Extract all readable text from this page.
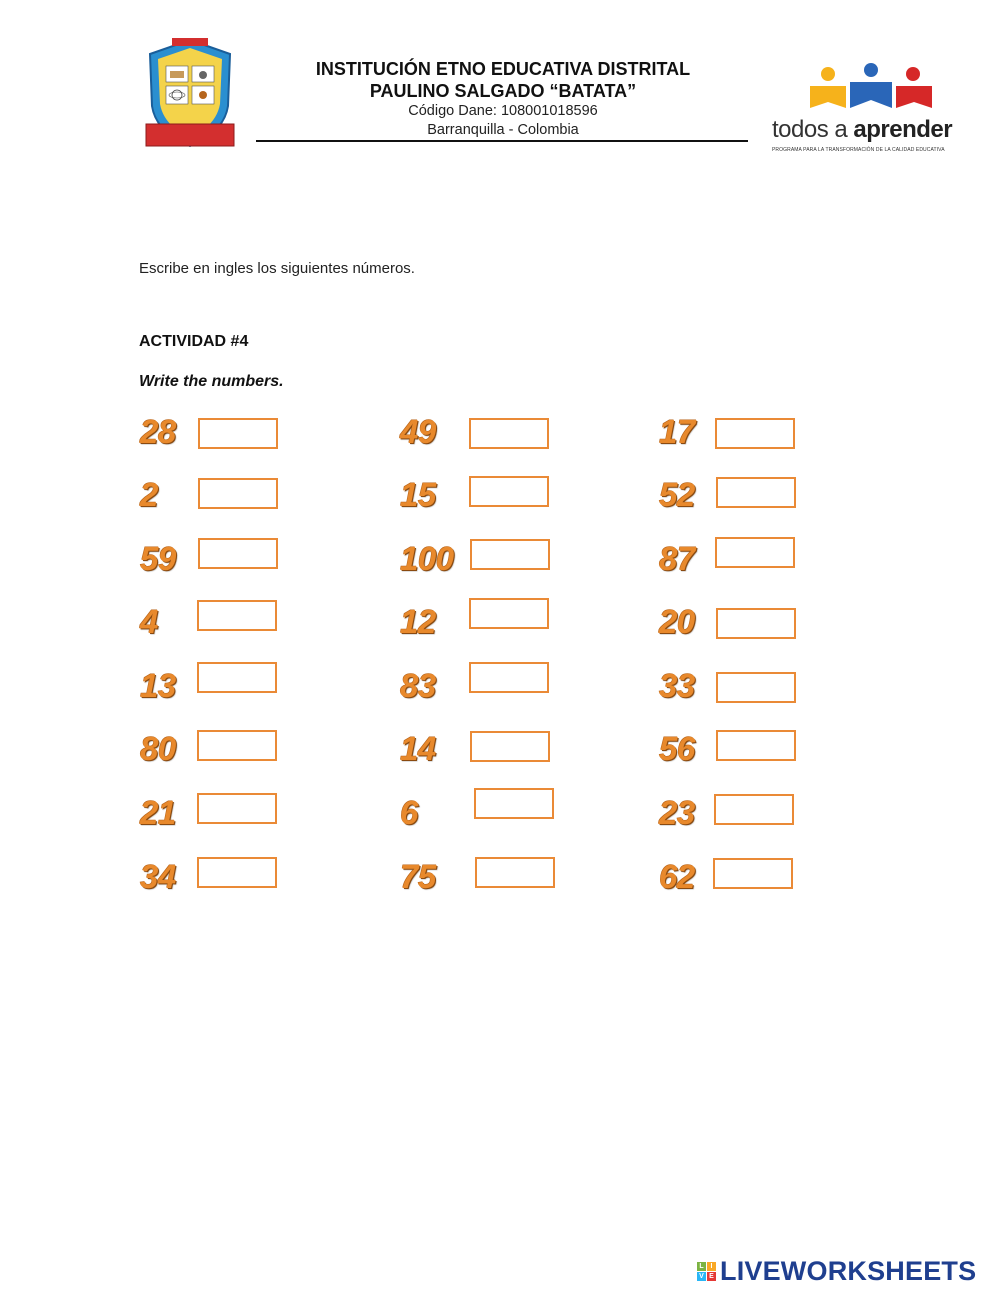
INSTITUCIÓN ETNO EDUCATIVA DISTRITAL
PAULINO SALGADO “BATATA”
Código Dane: 108001018596
Barranquilla - Colombia	todos a aprender
PROGRAMA PARA LA TRANSFORMACIÓN DE LA CALIDAD EDUCATIVA
Escribe en ingles los siguientes números.
ACTIVIDAD #4
Write the numbers.
28
2
59
4
13
80
21
34
49
15
100
12
83
14
6
75
17
52
87
20
33
56
23
62
L I
V E LIVEWORKSHEETS
